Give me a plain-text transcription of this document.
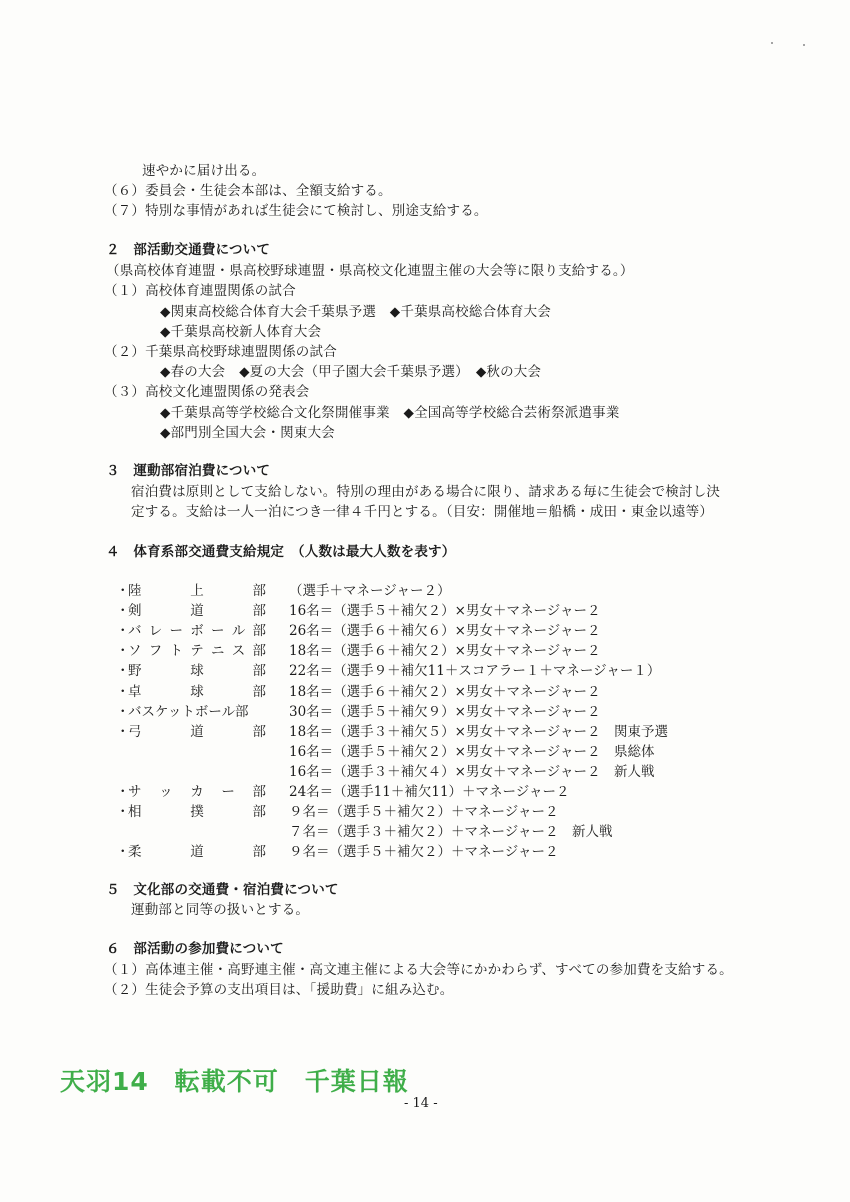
速やかに届け出る。
（６）委員会・生徒会本部は、全額支給する。
（７）特別な事情があれば生徒会にて検討し、別途支給する。
２　部活動交通費について
（県高校体育連盟・県高校野球連盟・県高校文化連盟主催の大会等に限り支給する。）
（１）高校体育連盟関係の試合
◆関東高校総合体育大会千葉県予選　◆千葉県高校総合体育大会
◆千葉県高校新人体育大会
（２）千葉県高校野球連盟関係の試合
◆春の大会　◆夏の大会（甲子園大会千葉県予選）　◆秋の大会
（３）高校文化連盟関係の発表会
◆千葉県高等学校総合文化祭開催事業　◆全国高等学校総合芸術祭派遣事業
◆部門別全国大会・関東大会
３　運動部宿泊費について
宿泊費は原則として支給しない。特別の理由がある場合に限り、請求ある毎に生徒会で検討し決
定する。支給は一人一泊につき一律４千円とする。（目安：開催地＝船橋・成田・東金以遠等）
４　体育系部交通費支給規定　（人数は最大人数を表す）
・
陸	上	部 （選手＋マネージャー２）
・
剣	道	部 16名＝（選手５＋補欠２）×男女＋マネージャー２
・
バ レ ー ボ ー ル 部 26名＝（選手６＋補欠６）×男女＋マネージャー２
・
ソ フ ト テ ニ ス 部 18名＝（選手６＋補欠２）×男女＋マネージャー２
・
野	球	部 22名＝（選手９＋補欠11＋スコアラー１＋マネージャー１）
・
卓	球	部 18名＝（選手６＋補欠２）×男女＋マネージャー２
・
バスケットボール部	30名＝（選手５＋補欠９）×男女＋マネージャー２
・
弓	道	部 18名＝（選手３＋補欠５）×男女＋マネージャー２　関東予選
16名＝（選手５＋補欠２）×男女＋マネージャー２　県総体
16名＝（選手３＋補欠４）×男女＋マネージャー２　新人戦
・
サ ッ カ ー 部 24名＝（選手11＋補欠11）＋マネージャー２
・
相	撲	部 ９名＝（選手５＋補欠２）＋マネージャー２
７名＝（選手３＋補欠２）＋マネージャー２　新人戦
・
柔	道	部 ９名＝（選手５＋補欠２）＋マネージャー２
５　文化部の交通費・宿泊費について
運動部と同等の扱いとする。
６　部活動の参加費について
（１）高体連主催・高野連主催・高文連主催による大会等にかかわらず、すべての参加費を支給する。
（２）生徒会予算の支出項目は、「援助費」に組み込む。
天羽14　転載不可　千葉日報
- 14 -
